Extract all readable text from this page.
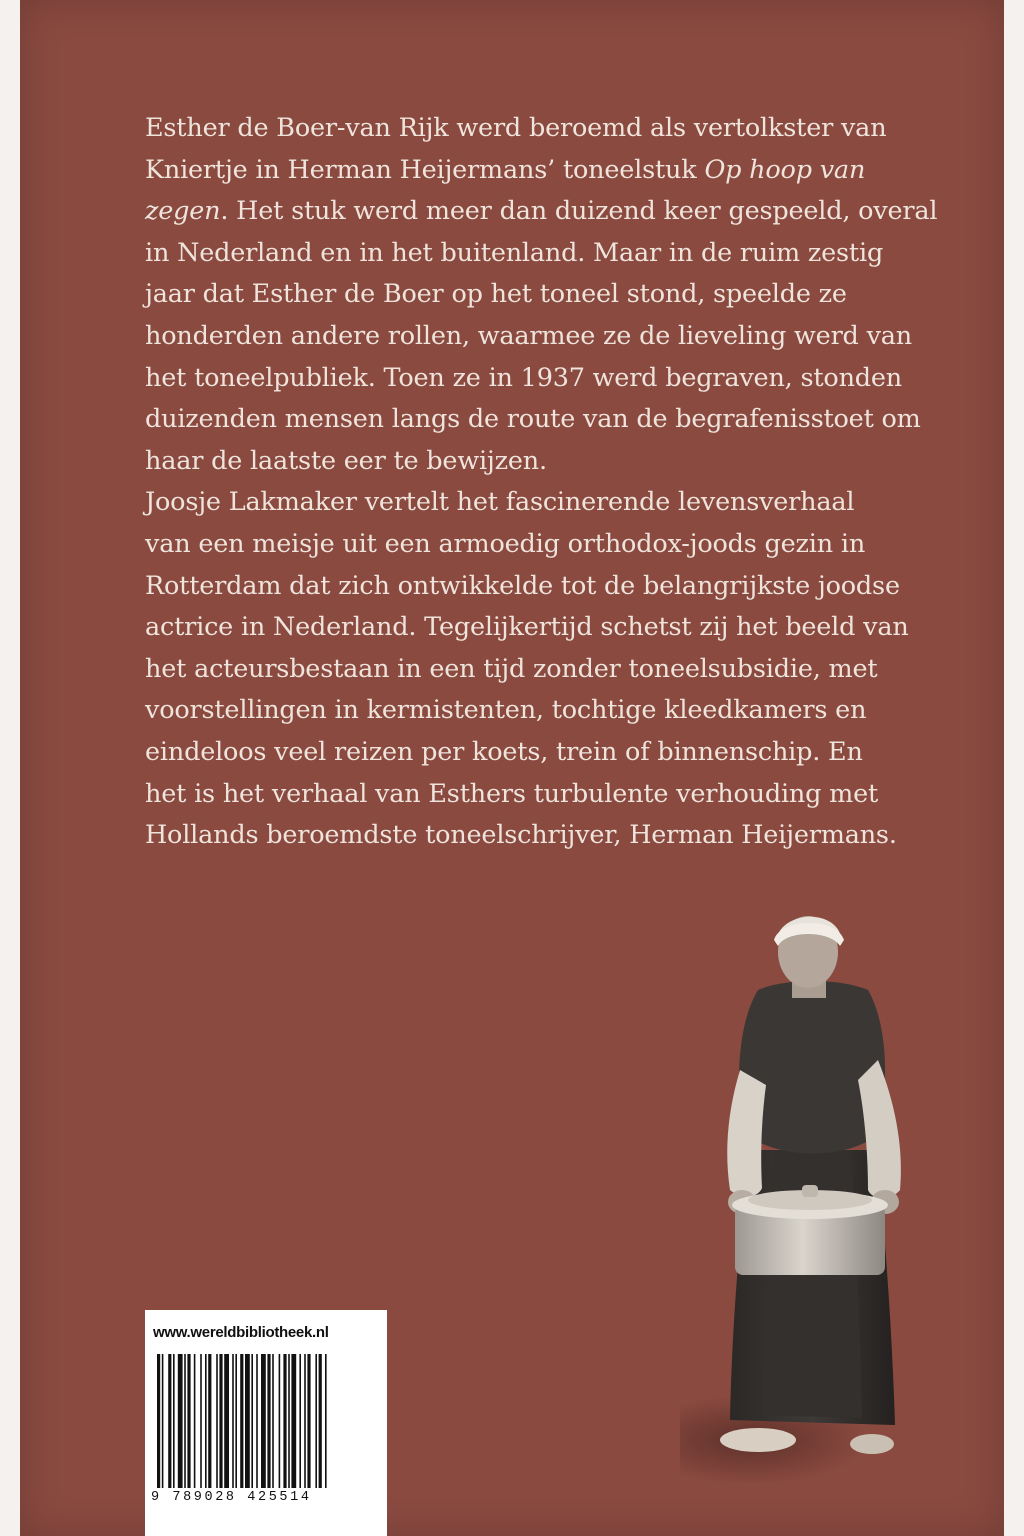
Esther de Boer-van Rijk werd beroemd als vertolkster van
Kniertje in Herman Heijermans’ toneelstuk Op hoop van
zegen. Het stuk werd meer dan duizend keer gespeeld, overal
in Nederland en in het buitenland. Maar in de ruim zestig
jaar dat Esther de Boer op het toneel stond, speelde ze
honderden andere rollen, waarmee ze de lieveling werd van
het toneelpubliek. Toen ze in 1937 werd begraven, stonden
duizenden mensen langs de route van de begrafenisstoet om
haar de laatste eer te bewijzen.

Joosje Lakmaker vertelt het fascinerende levensverhaal
van een meisje uit een armoedig orthodox-joods gezin in
Rotterdam dat zich ontwikkelde tot de belangrijkste joodse
actrice in Nederland. Tegelijkertijd schetst zij het beeld van
het acteursbestaan in een tijd zonder toneelsubsidie, met
voorstellingen in kermistenten, tochtige kleedkamers en
eindeloos veel reizen per koets, trein of binnenschip. En
het is het verhaal van Esthers turbulente verhouding met
Hollands beroemdste toneelschrijver, Herman Heijermans.

www.wereldbibliotheek.nl
9 789028 425514
